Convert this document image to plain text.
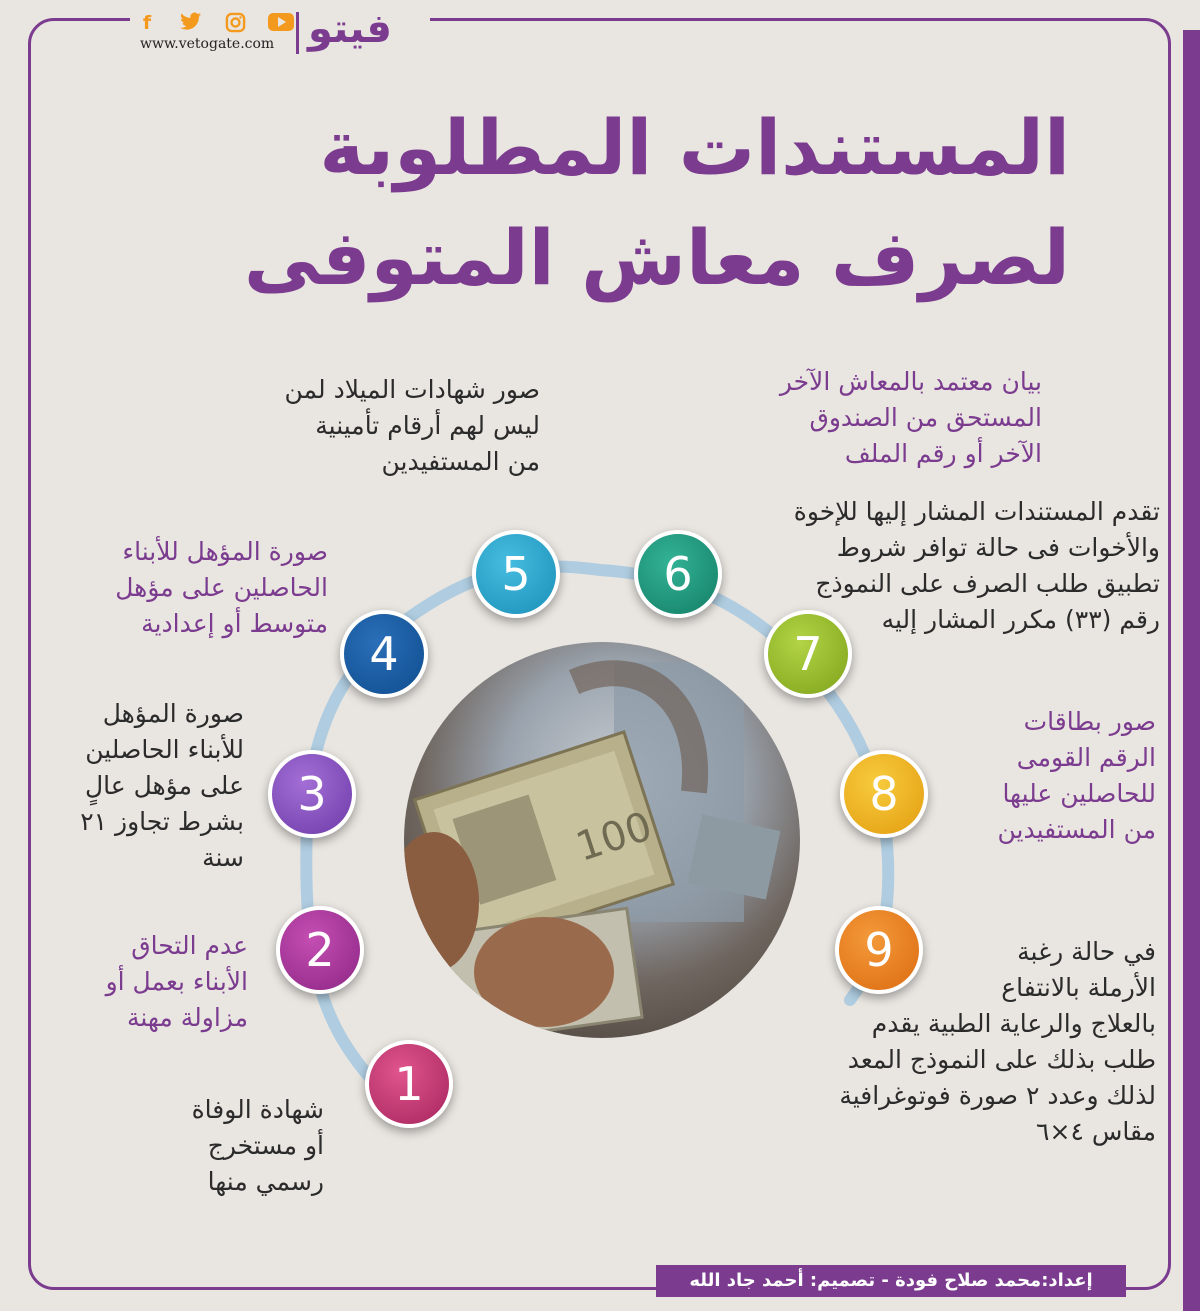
f
www.vetogate.com فيتو
المستندات المطلوبة
لصرف معاش المتوفى
100
1
2
3
4
5	6
7
8
9
شهادة الوفاة
أو مستخرج
رسمي منها
عدم التحاق
الأبناء بعمل أو
مزاولة مهنة
صورة المؤهل
للأبناء الحاصلين
على مؤهل عالٍ
بشرط تجاوز ٢١
سنة
صورة المؤهل للأبناء
الحاصلين على مؤهل
متوسط أو إعدادية
صور شهادات الميلاد لمن
ليس لهم أرقام تأمينية
من المستفيدين
بيان معتمد بالمعاش الآخر
المستحق من الصندوق
الآخر أو رقم الملف
تقدم المستندات المشار إليها للإخوة
والأخوات فى حالة توافر شروط
تطبيق طلب الصرف على النموذج
رقم (٣٣) مكرر المشار إليه
صور بطاقات
الرقم القومى
للحاصلين عليها
من المستفيدين
في حالة رغبة
الأرملة بالانتفاع
بالعلاج والرعاية الطبية يقدم
طلب بذلك على النموذج المعد
لذلك وعدد ٢ صورة فوتوغرافية
مقاس ٤×٦
إعداد:محمد صلاح فودة - تصميم: أحمد جاد الله
